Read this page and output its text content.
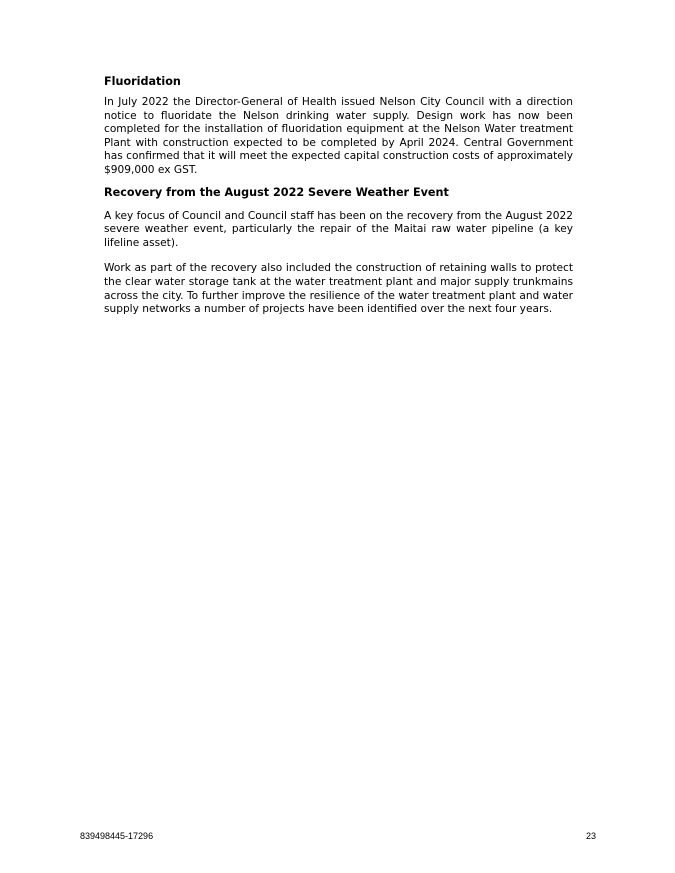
Fluoridation

In July 2022 the Director-General of Health issued Nelson City Council with a direction notice to fluoridate the Nelson drinking water supply. Design work has now been completed for the installation of fluoridation equipment at the Nelson Water treatment Plant with construction expected to be completed by April 2024. Central Government has confirmed that it will meet the expected capital construction costs of approximately $909,000 ex GST.

Recovery from the August 2022 Severe Weather Event

A key focus of Council and Council staff has been on the recovery from the August 2022 severe weather event, particularly the repair of the Maitai raw water pipeline (a key lifeline asset).

Work as part of the recovery also included the construction of retaining walls to protect the clear water storage tank at the water treatment plant and major supply trunkmains across the city. To further improve the resilience of the water treatment plant and water supply networks a number of projects have been identified over the next four years.

839498445-17296	23
